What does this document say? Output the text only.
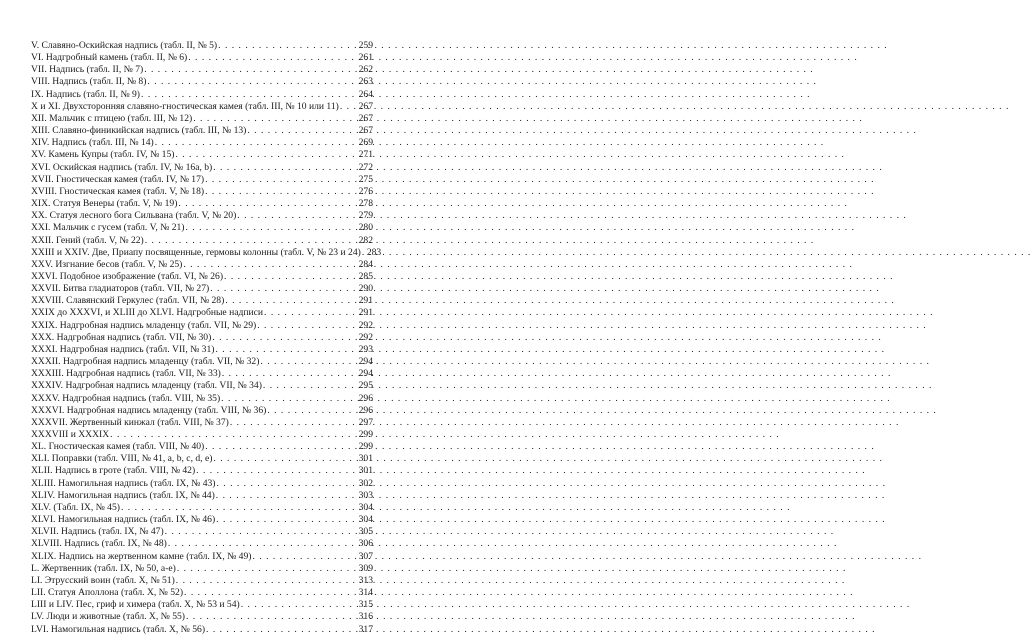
V. Славяно-Оскийская надпись (табл. II, № 5) . . .	259
VI. Надгробный камень (табл. II, № 6) . . .	261
VII. Надпись (табл. II, № 7) . . .	262
VIII. Надпись (табл. II, № 8) . . .	263
IX. Надпись (табл. II, № 9) . . .	264
X и XI. Двухсторонняя славяно-гностическая камея (табл. III, № 10 или 11) . . . 267
XII. Мальчик с птицею (табл. III, № 12) . . .	267
XIII. Славяно-финикийская надпись (табл. III, № 13) . . .	267
XIV. Надпись (табл. III, № 14) . . .	269
XV. Камень Купры (табл. IV, № 15) . . .	271
XVI. Оскийская надпись (табл. IV, № 16a, b) . . .	272
XVII. Гностическая камея (табл. IV, № 17) . . .	275
XVIII. Гностическая камея (табл. V, № 18) . . .	276
XIX. Статуя Венеры (табл. V, № 19) . . .	278
XX. Статуя лесного бога Сильвана (табл. V, № 20) . . .	279
XXI. Мальчик с гусем (табл. V, № 21) . . .	280
XXII. Гений (табл. V, № 22) . . .	282
XXIII и XXIV. Две, Приапу посвященные, гермовы колонны (табл. V, № 23 и 24) . . . 283
XXV. Изгнание бесов (табл. V, № 25) . . .	284
XXVI. Подобное изображение (табл. VI, № 26) . . .	285
XXVII. Битва гладиаторов (табл. VII, № 27) . . .	290
XXVIII. Славянский Геркулес (табл. VII, № 28) . . .	291
XXIX до XXXVI, и XLIII до XLVI. Надгробные надписи . . .	291
XXIX. Надгробная надпись младенцу (табл. VII, № 29) . . .	292
XXX. Надгробная надпись (табл. VII, № 30) . . .	292
XXXI. Надгробная надпись (табл. VII, № 31) . . .	293
XXXII. Надгробная надпись младенцу (табл. VII, № 32) . . .	294
XXXIII. Надгробная надпись (табл. VII, № 33) . . .	294
XXXIV. Надгробная надпись младенцу (табл. VII, № 34) . . .	295
XXXV. Надгробная надпись (табл. VIII, № 35) . . .	296
XXXVI. Надгробная надпись младенцу (табл. VIII, № 36) . . .	296
XXXVII. Жертвенный кинжал (табл. VIII, № 37) . . .	297
XXXVIII и XXXIX . . .	299
XL. Гностическая камея (табл. VIII, № 40) . . .	299
XLI. Поправки (табл. VIII, № 41, a, b, c, d, e) . . .	301
XLII. Надпись в гроте (табл. VIII, № 42) . . .	301
XLIII. Намогильная надпись (табл. IX, № 43) . . .	302
XLIV. Намогильная надпись (табл. IX, № 44) . . .	303
XLV. (Табл. IX, № 45) . . .	304
XLVI. Намогильная надпись (табл. IX, № 46) . . .	304
XLVII. Надпись (табл. IX, № 47) . . .	305
XLVIII. Надпись (табл. IX, № 48) . . .	306
XLIX. Надпись на жертвенном камне (табл. IX, № 49) . . .	307
L. Жертвенник (табл. IX, № 50, a-e) . . .	309
LI. Этрусский воин (табл. X, № 51) . . .	313
LII. Статуя Аполлона (табл. X, № 52) . . .	314
LIII и LIV. Пес, гриф и химера (табл. X, № 53 и 54) . . .	315
LV. Люди и животные (табл. X, № 55) . . .	316
LVI. Намогильная надпись (табл. X, № 56) . . .	317
